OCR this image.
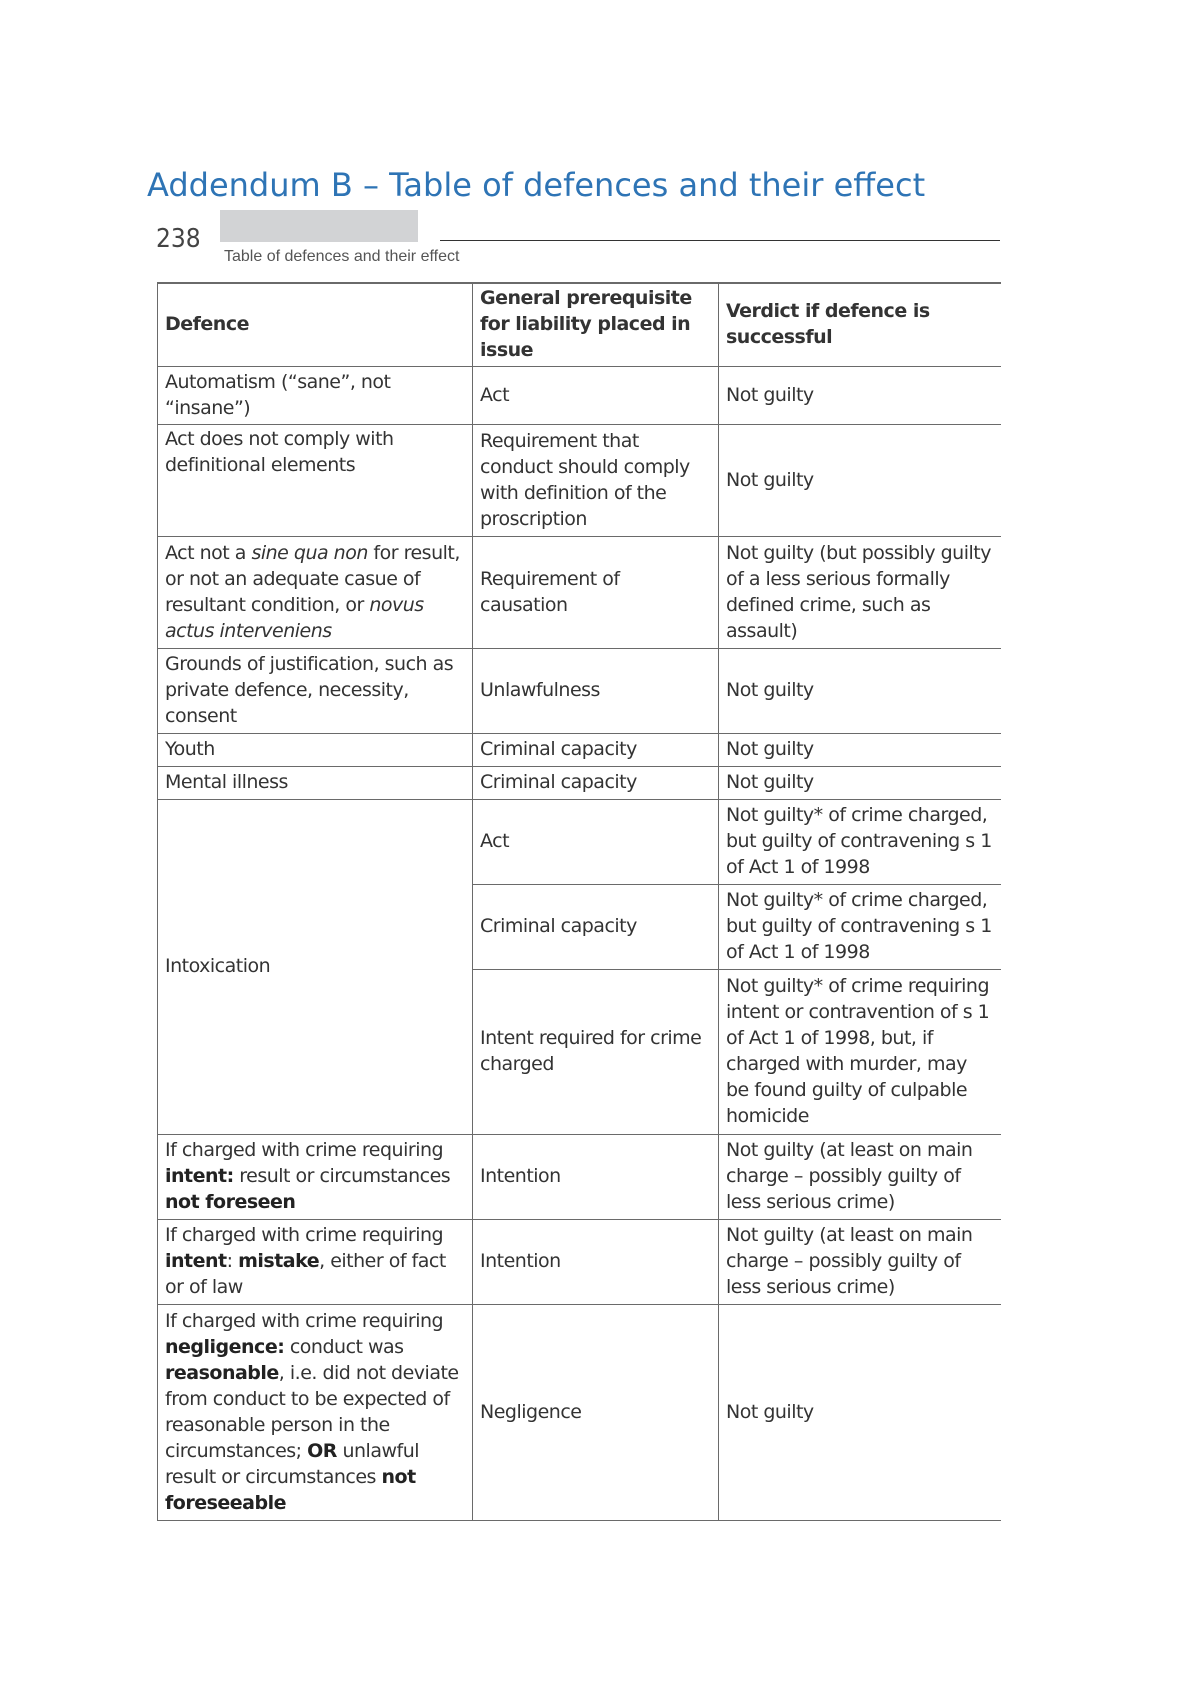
Addendum B – Table of defences and their effect
238
Table of defences and their effect
Defence	General prerequisite for liability placed in issue	Verdict if defence is successful
Automatism (“sane”, not “insane”)	Act	Not guilty
Act does not comply with definitional elements	Requirement that conduct should comply with definition of the proscription	Not guilty
Act not a sine qua non for result, or not an adequate casue of resultant condition, or novus actus interveniens	Requirement of causation	Not guilty (but possibly guilty of a less serious formally defined crime, such as assault)
Grounds of justification, such as private defence, necessity, consent	Unlawfulness	Not guilty
Youth	Criminal capacity	Not guilty
Mental illness	Criminal capacity	Not guilty
Intoxication	Act	Not guilty* of crime charged, but guilty of contravening s 1 of Act 1 of 1998
	Criminal capacity	Not guilty* of crime charged, but guilty of contravening s 1 of Act 1 of 1998
	Intent required for crime charged	Not guilty* of crime requiring intent or contravention of s 1 of Act 1 of 1998, but, if charged with murder, may be found guilty of culpable homicide
If charged with crime requiring intent: result or circumstances not foreseen	Intention	Not guilty (at least on main charge – possibly guilty of less serious crime)
If charged with crime requiring intent: mistake, either of fact or of law	Intention	Not guilty (at least on main charge – possibly guilty of less serious crime)
If charged with crime requiring negligence: conduct was reasonable, i.e. did not deviate from conduct to be expected of reasonable person in the circumstances; OR unlawful result or circumstances not foreseeable	Negligence	Not guilty
